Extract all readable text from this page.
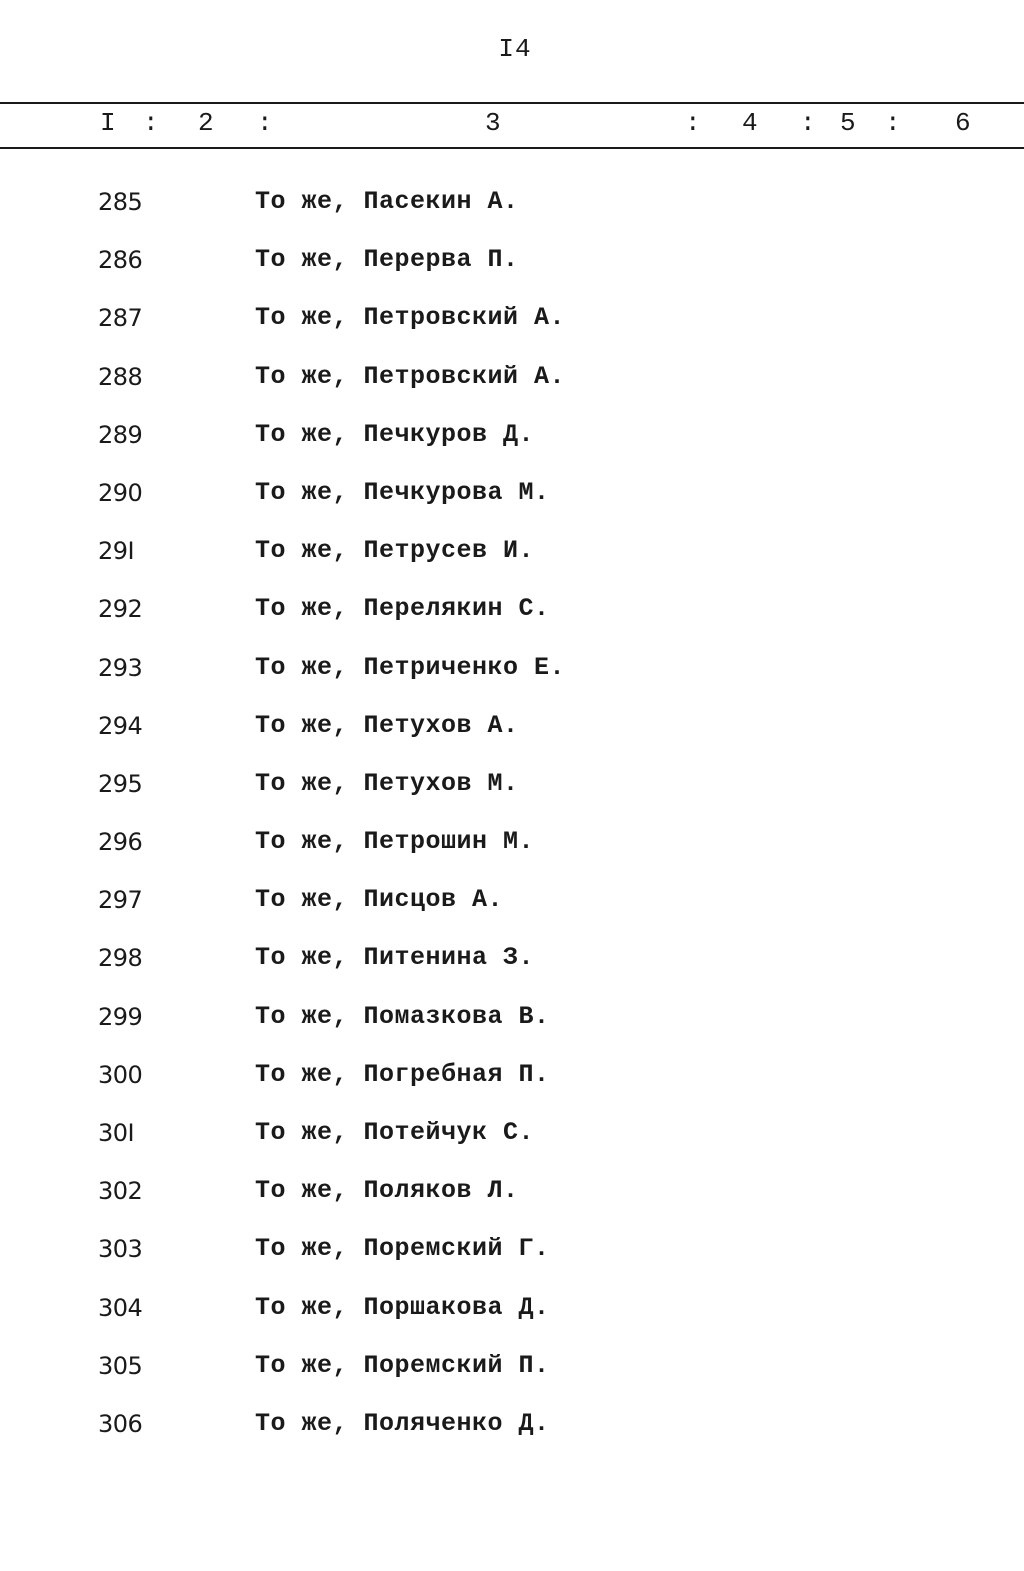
I4
I : 2 :	3	: 4 : 5 : 6
285	То же, Пасекин А.
286	То же, Перерва П.
287	То же, Петровский А.
288	То же, Петровский А.
289	То же, Печкуров Д.
290	То же, Печкурова М.
29I	То же, Петрусев И.
292	То же, Перелякин С.
293	То же, Петриченко Е.
294	То же, Петухов А.
295	То же, Петухов М.
296	То же, Петрошин М.
297	То же, Писцов А.
298	То же, Питенина З.
299	То же, Помазкова В.
300	То же, Погребная П.
30I	То же, Потейчук С.
302	То же, Поляков Л.
303	То же, Поремский Г.
304	То же, Поршакова Д.
305	То же, Поремский П.
306	То же, Поляченко Д.
